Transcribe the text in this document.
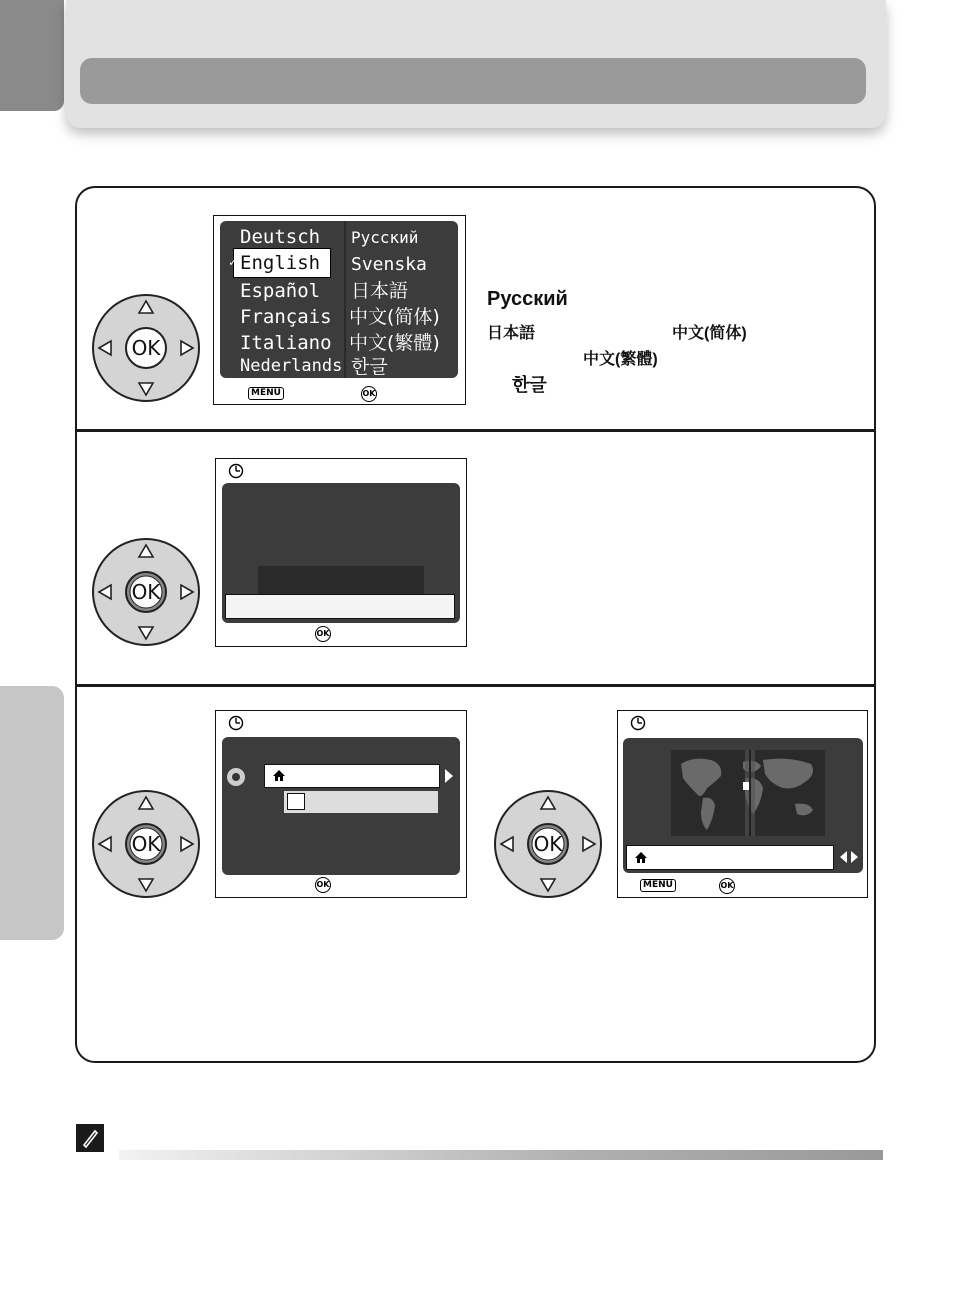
OK
OK
OK	OK
Deutsch
✓ English
Español
Français
Italiano
Nederlands
Русский
Svenska
日本語
中文(简体)
中文(繁體)
한글
MENU	OK
Русский
日本語	中文(简体)
中文(繁體)
한글
OK
OK	MENU	OK
